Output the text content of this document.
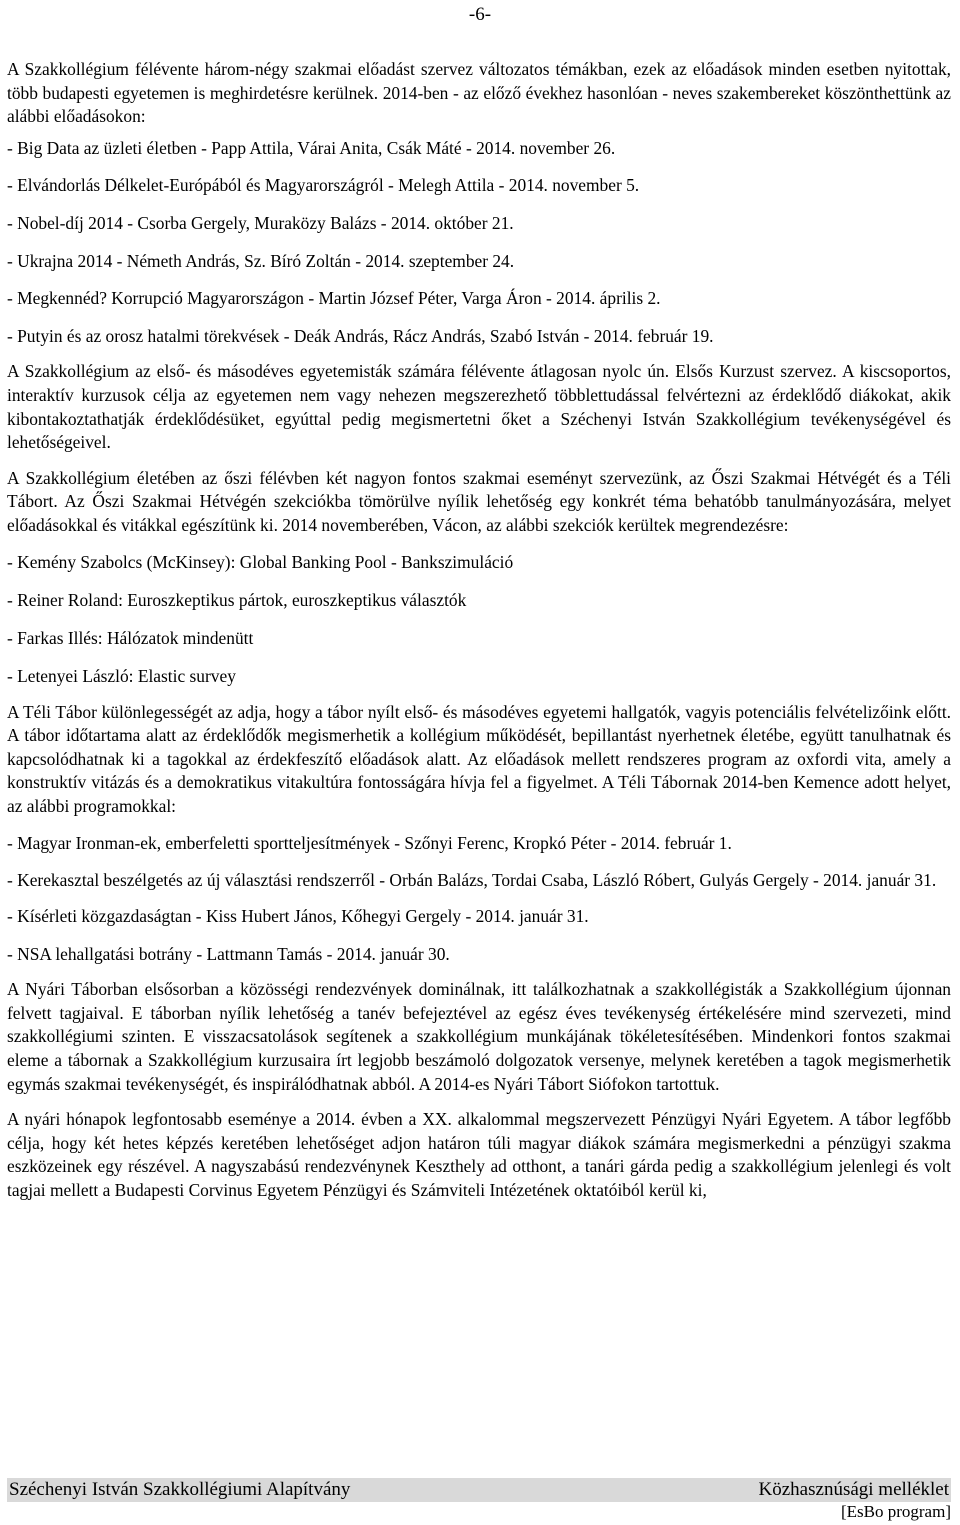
-6-

A Szakkollégium félévente három-négy szakmai előadást szervez változatos témákban, ezek az előadások minden esetben nyitottak, több budapesti egyetemen is meghirdetésre kerülnek. 2014-ben - az előző évekhez hasonlóan - neves szakembereket köszönthettünk az alábbi előadásokon:

- Big Data az üzleti életben - Papp Attila, Várai Anita, Csák Máté - 2014. november 26.

- Elvándorlás Délkelet-Európából és Magyarországról - Melegh Attila - 2014. november 5.

- Nobel-díj 2014 - Csorba Gergely, Muraközy Balázs - 2014. október 21.

- Ukrajna 2014 - Németh András, Sz. Bíró Zoltán - 2014. szeptember 24.

- Megkennéd? Korrupció Magyarországon - Martin József Péter, Varga Áron - 2014. április 2.

- Putyin és az orosz hatalmi törekvések - Deák András, Rácz András, Szabó István - 2014. február 19.

A Szakkollégium az első- és másodéves egyetemisták számára félévente átlagosan nyolc ún. Elsős Kurzust szervez. A kiscsoportos, interaktív kurzusok célja az egyetemen nem vagy nehezen megszerezhető többlettudással felvértezni az érdeklődő diákokat, akik kibontakoztathatják érdeklődésüket, egyúttal pedig megismertetni őket a Széchenyi István Szakkollégium tevékenységével és lehetőségeivel.

A Szakkollégium életében az őszi félévben két nagyon fontos szakmai eseményt szervezünk, az Őszi Szakmai Hétvégét és a Téli Tábort. Az Őszi Szakmai Hétvégén szekciókba tömörülve nyílik lehetőség egy konkrét téma behatóbb tanulmányozására, melyet előadásokkal és vitákkal egészítünk ki. 2014 novemberében, Vácon, az alábbi szekciók kerültek megrendezésre:

- Kemény Szabolcs (McKinsey): Global Banking Pool - Bankszimuláció

- Reiner Roland: Euroszkeptikus pártok, euroszkeptikus választók

- Farkas Illés: Hálózatok mindenütt

- Letenyei László: Elastic survey

A Téli Tábor különlegességét az adja, hogy a tábor nyílt első- és másodéves egyetemi hallgatók, vagyis potenciális felvételizőink előtt. A tábor időtartama alatt az érdeklődők megismerhetik a kollégium működését, bepillantást nyerhetnek életébe, együtt tanulhatnak és kapcsolódhatnak ki a tagokkal az érdekfeszítő előadások alatt. Az előadások mellett rendszeres program az oxfordi vita, amely a konstruktív vitázás és a demokratikus vitakultúra fontosságára hívja fel a figyelmet. A Téli Tábornak 2014-ben Kemence adott helyet, az alábbi programokkal:

- Magyar Ironman-ek, emberfeletti sportteljesítmények - Szőnyi Ferenc, Kropkó Péter - 2014. február 1.

- Kerekasztal beszélgetés az új választási rendszerről - Orbán Balázs, Tordai Csaba, László Róbert, Gulyás Gergely - 2014. január 31.

- Kísérleti közgazdaságtan - Kiss Hubert János, Kőhegyi Gergely - 2014. január 31.

- NSA lehallgatási botrány - Lattmann Tamás - 2014. január 30.

A Nyári Táborban elsősorban a közösségi rendezvények dominálnak, itt találkozhatnak a szakkollégisták a Szakkollégium újonnan felvett tagjaival. E táborban nyílik lehetőség a tanév befejeztével az egész éves tevékenység értékelésére mind szervezeti, mind szakkollégiumi szinten. E visszacsatolások segítenek a szakkollégium munkájának tökéletesítésében. Mindenkori fontos szakmai eleme a tábornak a Szakkollégium kurzusaira írt legjobb beszámoló dolgozatok versenye, melynek keretében a tagok megismerhetik egymás szakmai tevékenységét, és inspirálódhatnak abból. A 2014-es Nyári Tábort Siófokon tartottuk.

A nyári hónapok legfontosabb eseménye a 2014. évben a XX. alkalommal megszervezett Pénzügyi Nyári Egyetem. A tábor legfőbb célja, hogy két hetes képzés keretében lehetőséget adjon határon túli magyar diákok számára megismerkedni a pénzügyi szakma eszközeinek egy részével. A nagyszabású rendezvénynek Keszthely ad otthont, a tanári gárda pedig a szakkollégium jelenlegi és volt tagjai mellett a Budapesti Corvinus Egyetem Pénzügyi és Számviteli Intézetének oktatóiból kerül ki,

Széchenyi István Szakkollégiumi Alapítvány	Közhasznúsági melléklet
[EsBo program]
